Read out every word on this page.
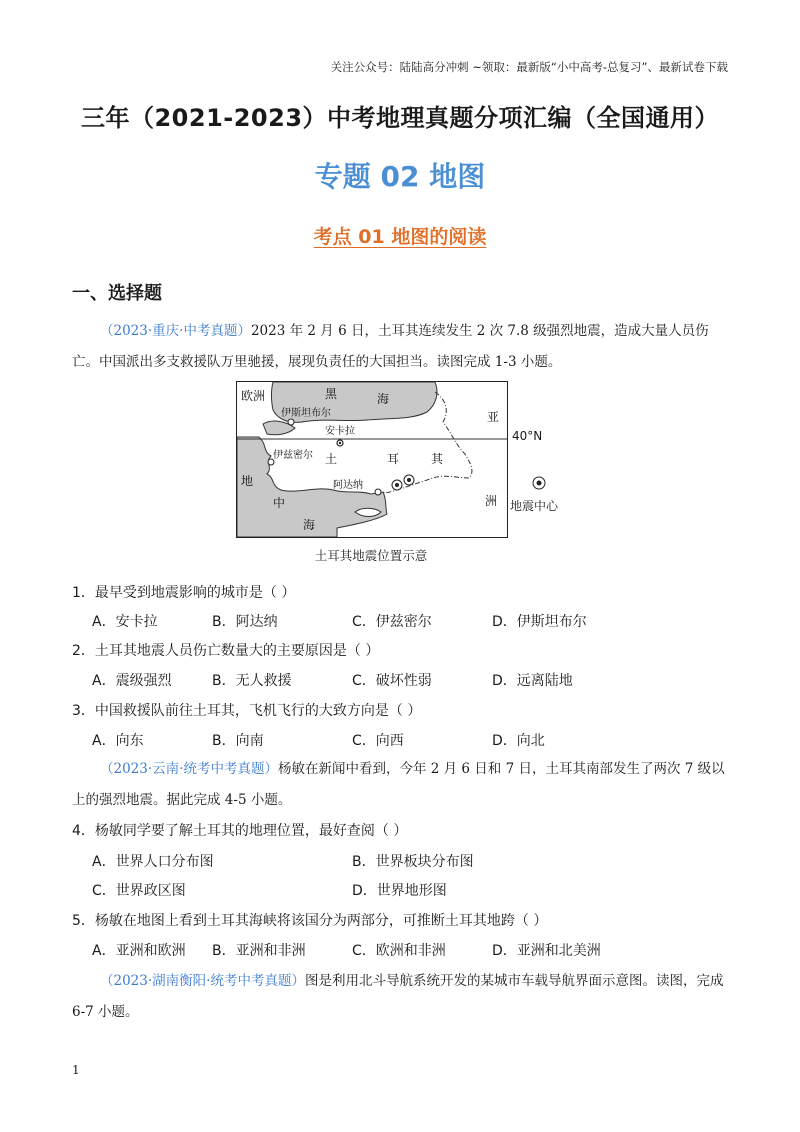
关注公众号：陆陆高分冲刺 ~领取：最新版“小中高考-总复习”、最新试卷下载
三年（2021-2023）中考地理真题分项汇编（全国通用）
专题 02 地图
考点 01 地图的阅读
一、选择题
（2023·重庆·中考真题）2023 年 2 月 6 日，土耳其连续发生 2 次 7.8 级强烈地震，造成大量人员伤亡。中国派出多支救援队万里驰援，展现负责任的大国担当。读图完成 1-3 小题。
欧洲	黑	海
伊斯坦布尔	亚
安卡拉
伊兹密尔 土	耳	其
地	阿达纳
洲
中
海
40°N
地震中心
土耳其地震位置示意
1．最早受到地震影响的城市是（ ）
A．安卡拉	B．阿达纳	C．伊兹密尔	D．伊斯坦布尔
2．土耳其地震人员伤亡数量大的主要原因是（ ）
A．震级强烈	B．无人救援	C．破坏性弱	D．远离陆地
3．中国救援队前往土耳其，飞机飞行的大致方向是（ ）
A．向东	B．向南	C．向西	D．向北
（2023·云南·统考中考真题）杨敏在新闻中看到，今年 2 月 6 日和 7 日，土耳其南部发生了两次 7 级以上的强烈地震。据此完成 4-5 小题。
4．杨敏同学要了解土耳其的地理位置，最好查阅（ ）
A．世界人口分布图	B．世界板块分布图
C．世界政区图	D．世界地形图
5．杨敏在地图上看到土耳其海峡将该国分为两部分，可推断土耳其地跨（ ）
A．亚洲和欧洲 B．亚洲和非洲	C．欧洲和非洲	D．亚洲和北美洲
（2023·湖南衡阳·统考中考真题）图是利用北斗导航系统开发的某城市车载导航界面示意图。读图，完成 6-7 小题。
1
